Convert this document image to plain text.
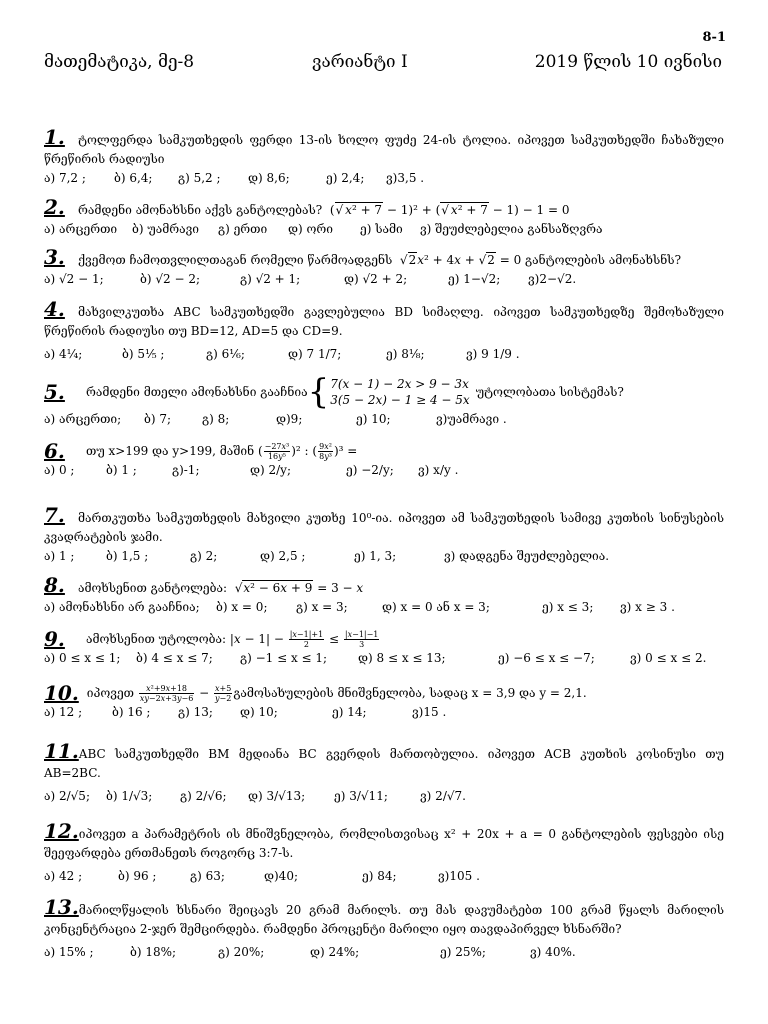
8-1
მათემატიკა, მე-8	ვარიანტი I	2019 წლის 10 ივნისი
1. ტოლფერდა სამკუთხედის ფერდი 13-ის ხოლო ფუძე 24-ის ტოლია. იპოვეთ სამკუთხედში ჩახაზული წრეწირის რადიუსი
ა) 7,2 ; ბ) 6,4; გ) 5,2 ; დ) 8,6;	ე) 2,4; ვ)3,5 .
2. რამდენი ამონახსნი აქვს განტოლებას?  (√ x² + 7 − 1)² + (√ x² + 7 − 1) − 1 = 0
ა) არცერთი ბ) უამრავი გ) ერთი დ) ორი ე) სამი ვ) შეუძლებელია განსაზღვრა
3. ქვემოთ ჩამოთვლილთაგან რომელი წარმოადგენს  √2x² + 4x + √2 = 0 განტოლების ამონახსნს?
ა) √2 − 1;	ბ) √2 − 2;	გ) √2 + 1;	დ) √2 + 2;	ე) 1−√2; ვ)2−√2.
4. მახვილკუთხა ABC სამკუთხედში გავლებულია BD სიმაღლე. იპოვეთ სამკუთხედზე შემოხაზული წრეწირის რადიუსი თუ BD=12, AD=5 და CD=9.
ა) 4¼;	ბ) 5⅕ ;	გ) 6⅙;	დ) 7 1/7;	ე) 8⅛;	ვ) 9 1/9 .
5.	რამდენი მთელი ამონახსნი გააჩნია { 7(x − 1) − 2x > 9 − 3x
3(5 − 2x) − 1 ≥ 4 − 5x
უტოლობათა სისტემას?
ა) არცერთი; ბ) 7;	გ) 8;	დ)9;	ე) 10;	ვ)უამრავი .
6.	თუ x>199 და y>199, მაშინ ( $\frac{\text{−27x³}}{\text{16y⁵}} )^2$ : ( $\frac{\text{9x²}}{\text{8y³}} )^3$ =
ა) 0 ;	ბ) 1 ;	გ)-1;	დ) 2/y;	ე) −2/y; ვ) x/y .
7. მართკუთხა სამკუთხედის მახვილი კუთხე 10⁰-ია. იპოვეთ ამ სამკუთხედის სამივე კუთხის სინუსების კვადრატების ჯამი.
ა) 1 ;	ბ) 1,5 ;	გ) 2;	დ) 2,5 ;	ე) 1, 3;	ვ) დადგენა შეუძლებელია.
8. ამოხსენით განტოლება:  √x² − 6x + 9 = 3 − x
ა) ამონახსნი არ გააჩნია; ბ) x = 0; გ) x = 3;	დ) x = 0 ან x = 3;	ე) x ≤ 3; ვ) x ≥ 3 .
9.	ამოხსენით უტოლობა: $|x - 1| - \frac{|x-1|+1}{2} \le \frac{|x-1|-1}{3}$
ა) 0 ≤ x ≤ 1; ბ) 4 ≤ x ≤ 7; გ) −1 ≤ x ≤ 1;	დ) 8 ≤ x ≤ 13;	ე) −6 ≤ x ≤ −7;	ვ) 0 ≤ x ≤ 2.
10. იპოვეთ
$\frac{\text{x²+9x+18}}{xy-2x+3y-6} - \frac{x+5}{y-2}$ გამოსახულების მნიშვნელობა, სადაც x = 3,9 და y = 2,1.
ა) 12 ; ბ) 16 ; გ) 13; დ) 10;	ე) 14;	ვ)15 .
11.ABC სამკუთხედში BM მედიანა BC გვერდის მართობულია. იპოვეთ ACB კუთხის კოსინუსი თუ AB=2BC.
ა) 2/√5; ბ) 1/√3; გ) 2/√6; დ) 3/√13; ე) 3/√11;	ვ) 2/√7.
12.იპოვეთ a პარამეტრის ის მნიშვნელობა, რომლისთვისაც x² + 20x + a = 0 განტოლების ფესვები ისე შეეფარდება ერთმანეთს როგორც 3:7-ს.
ა) 42 ;	ბ) 96 ;	გ) 63;	დ)40;	ე) 84;	ვ)105 .
13.მარილწყალის ხსნარი შეიცავს 20 გრამ მარილს. თუ მას დავუმატებთ 100 გრამ წყალს მარილის კონცენტრაცია 2-ჯერ შემცირდება. რამდენი პროცენტი მარილი იყო თავდაპირველ ხსნარში?
ა) 15% ;	ბ) 18%;	გ) 20%;	დ) 24%;	ე) 25%;	ვ) 40%.
